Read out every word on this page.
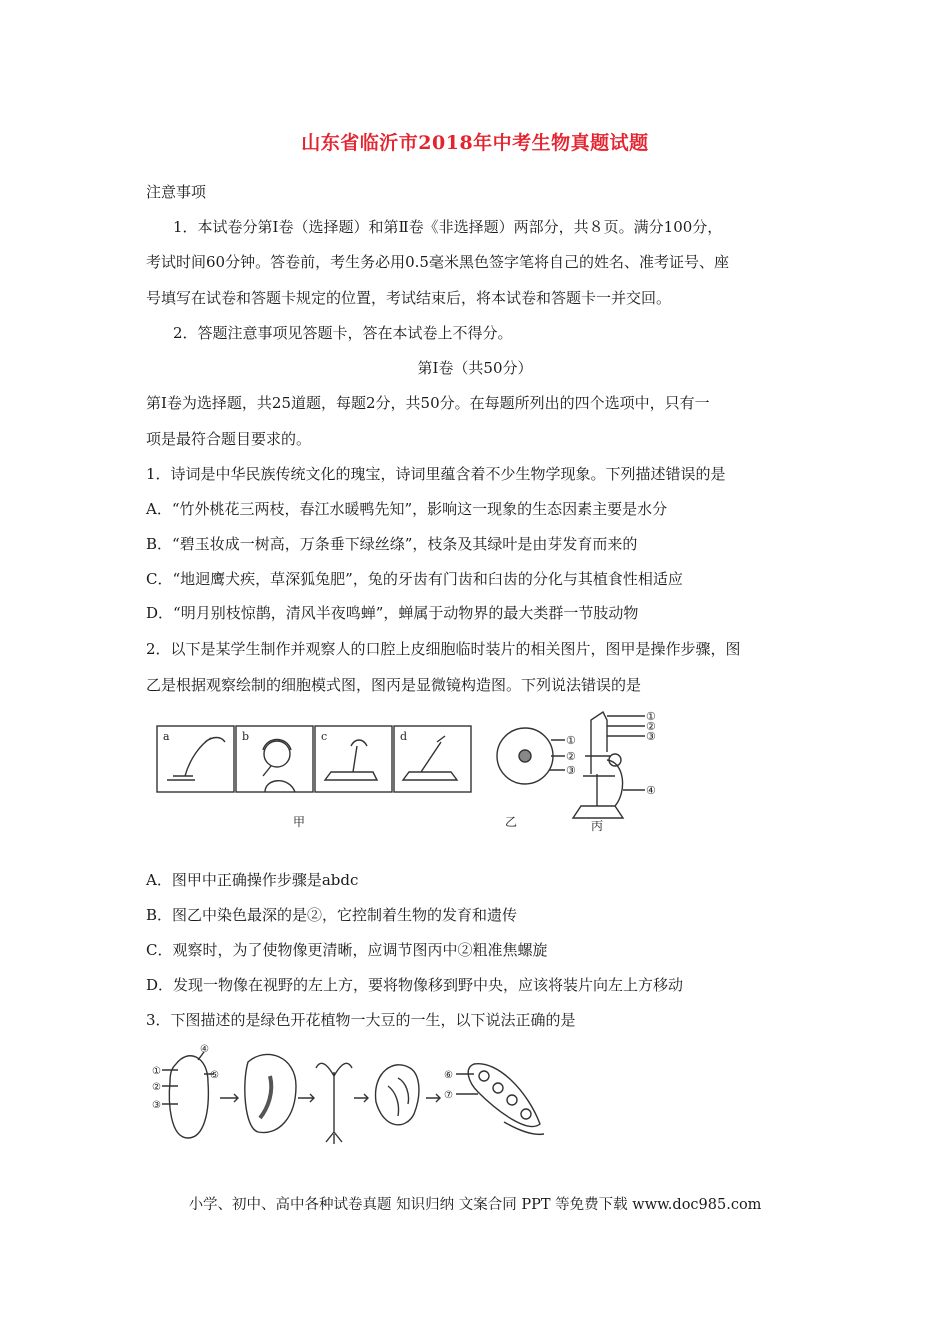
山东省临沂市2018年中考生物真题试题
注意事项
1．本试卷分第Ⅰ卷（选择题）和第Ⅱ卷《非选择题）两部分，共８页。满分100分，
考试时间60分钟。答卷前，考生务必用0.5毫米黑色签字笔将自己的姓名、准考证号、座
号填写在试卷和答题卡规定的位置，考试结束后，将本试卷和答题卡一并交回。
2．答题注意事项见答题卡，答在本试卷上不得分。
第Ⅰ卷（共50分）
第Ⅰ卷为选择题，共25道题，每题2分，共50分。在每题所列出的四个选项中，只有一
项是最符合题目要求的。
1．诗词是中华民族传统文化的瑰宝，诗词里蕴含着不少生物学现象。下列描述错误的是
A．“竹外桃花三两枝，春江水暖鸭先知”，影响这一现象的生态因素主要是水分
B．“碧玉妆成一树高，万条垂下绿丝绦”，枝条及其绿叶是由芽发育而来的
C．“地迥鹰犬疾，草深狐兔肥”，兔的牙齿有门齿和臼齿的分化与其植食性相适应
D．“明月别枝惊鹊，清风半夜鸣蝉”，蝉属于动物界的最大类群一节肢动物
2．以下是某学生制作并观察人的口腔上皮细胞临时装片的相关图片，图甲是操作步骤，图
乙是根据观察绘制的细胞模式图，图丙是显微镜构造图。下列说法错误的是
a	b	c	d	①
②
③
①
②
③
④
甲	乙	丙
A．图甲中正确操作步骤是abdc
B．图乙中染色最深的是②，它控制着生物的发育和遗传
C．观察时，为了使物像更清晰，应调节图丙中②粗准焦螺旋
D．发现一物像在视野的左上方，要将物像移到野中央，应该将装片向左上方移动
3．下图描述的是绿色开花植物一大豆的一生，以下说法正确的是
①
②
③
④
⑤	⑥
⑦
小学、初中、高中各种试卷真题 知识归纳 文案合同 PPT 等免费下载 www.doc985.com
